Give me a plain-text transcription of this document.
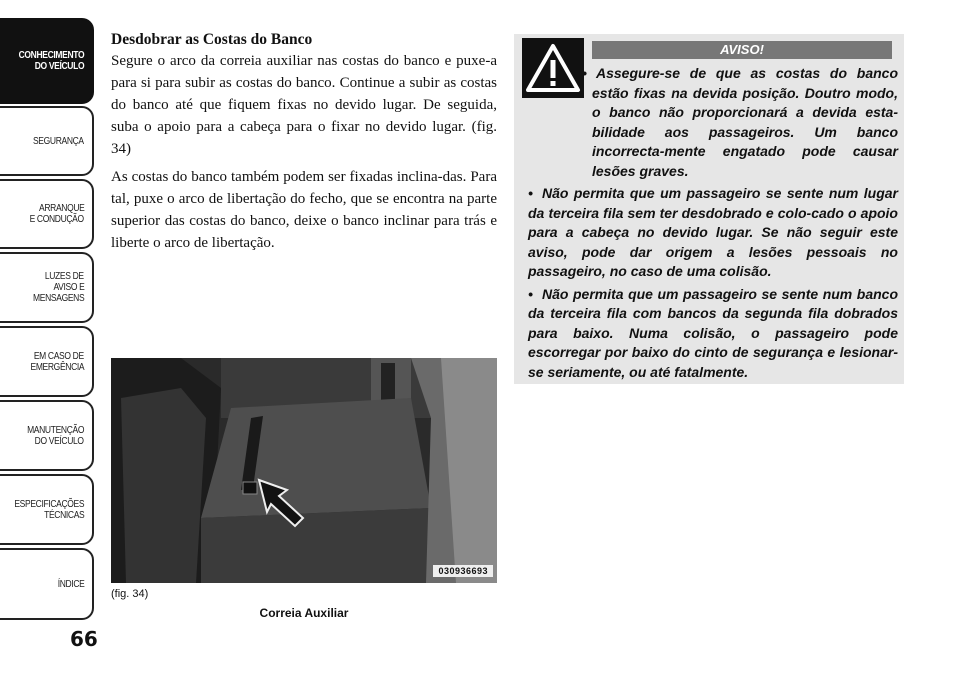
CONHECIMENTO
DO VEÍCULO
SEGURANÇA
ARRANQUE
E CONDUÇÃO
LUZES DE
AVISO E
MENSAGENS
EM CASO DE
EMERGÊNCIA
MANUTENÇÃO
DO VEÍCULO
ESPECIFICAÇÕES
TÉCNICAS
ÍNDICE
66
Desdobrar as Costas do Banco

Segure o arco da correia auxiliar nas costas do banco e puxe-a para si para subir as costas do banco. Continue a subir as costas do banco até que fiquem fixas no devido lugar. De seguida, suba o apoio para a cabeça para o fixar no devido lugar. (fig. 34)

As costas do banco também podem ser fixadas inclina-das. Para tal, puxe o arco de libertação do fecho, que se encontra na parte superior das costas do banco, deixe o banco inclinar para trás e liberte o arco de libertação.

030936693
(fig. 34)
Correia Auxiliar
AVISO!

• Assegure-se de que as costas do banco estão fixas na devida posição. Doutro modo, o banco não proporcionará a devida esta-bilidade aos passageiros. Um banco incorrecta-mente engatado pode causar lesões graves.

• Não permita que um passageiro se sente num lugar da terceira fila sem ter desdobrado e colo-cado o apoio para a cabeça no devido lugar. Se não seguir este aviso, pode dar origem a lesões pessoais no passageiro, no caso de uma colisão.

• Não permita que um passageiro se sente num banco da terceira fila com bancos da segunda fila dobrados para baixo. Numa colisão, o passageiro pode escorregar por baixo do cinto de segurança e lesionar-se seriamente, ou até fatalmente.
